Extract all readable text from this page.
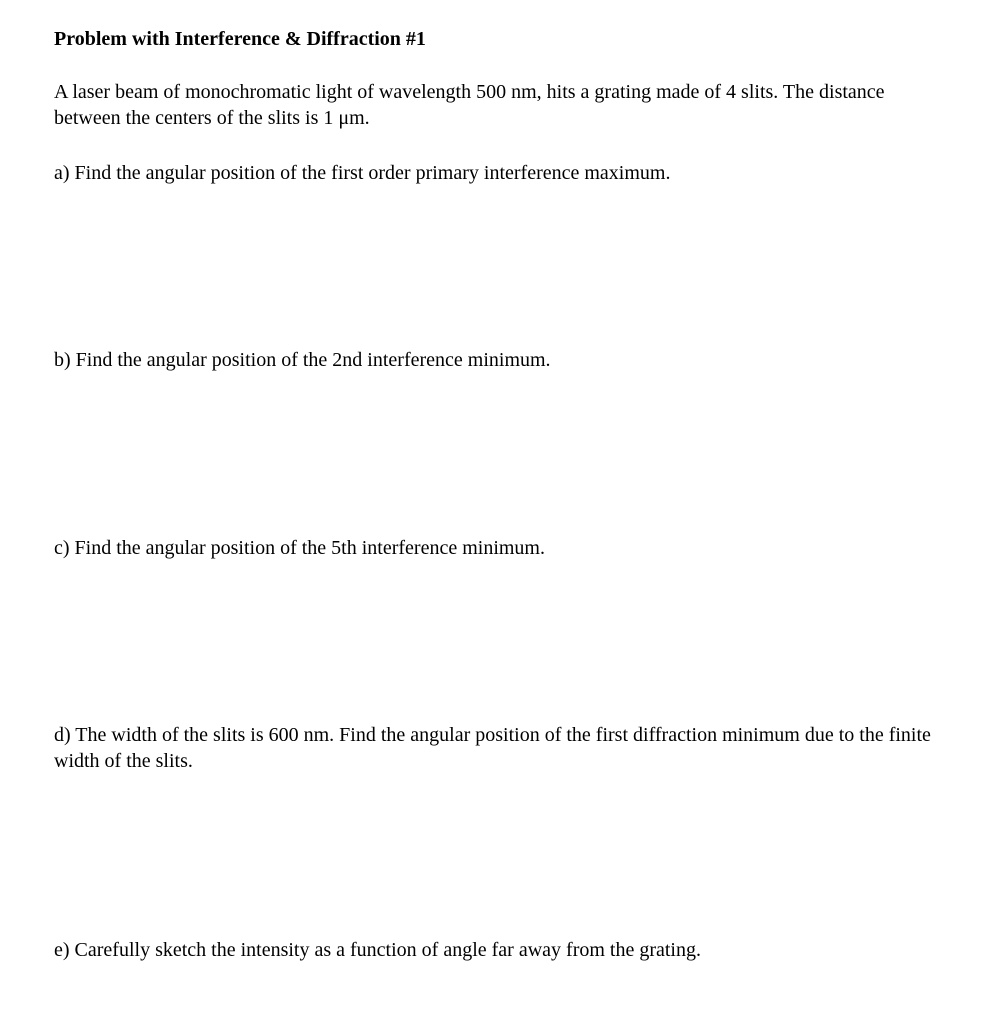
Problem with Interference & Diffraction #1
A laser beam of monochromatic light of wavelength 500 nm, hits a grating made of 4 slits. The distance between the centers of the slits is 1 μm.
a) Find the angular position of the first order primary interference maximum.
b) Find the angular position of the 2nd interference minimum.
c) Find the angular position of the 5th interference minimum.
d) The width of the slits is 600 nm. Find the angular position of the first diffraction minimum due to the finite width of the slits.
e) Carefully sketch the intensity as a function of angle far away from the grating.
